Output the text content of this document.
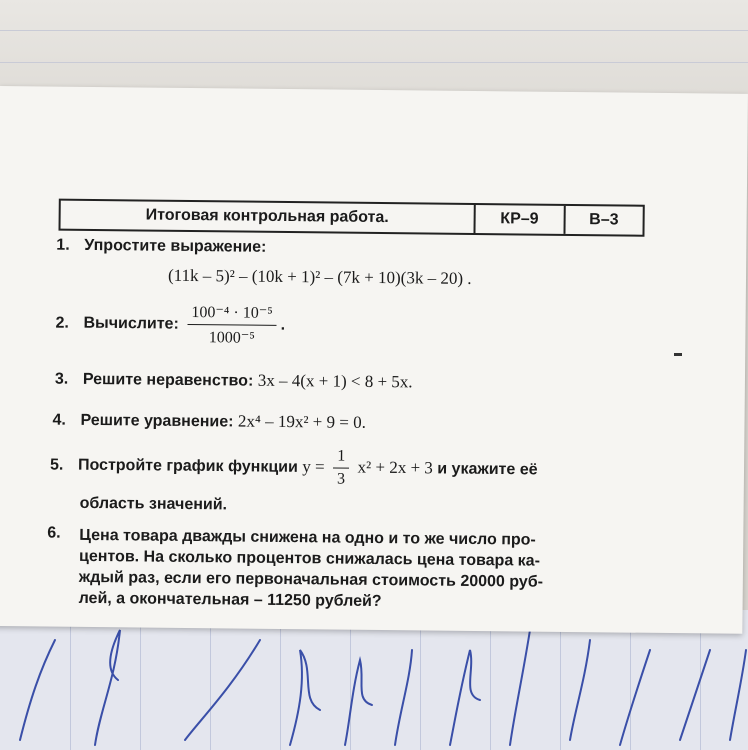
Итоговая контрольная работа.	КР–9	В–3
1. Упростите выражение:
(11k – 5)² – (10k + 1)² – (7k + 10)(3k – 20) .
2. Вычислите: $\frac{\text{100⁻⁴ · 10⁻⁵}}{\text{1000⁻⁵}}$ .
3. Решите неравенство: 3x – 4(x + 1) < 8 + 5x.
4. Решите уравнение: 2x⁴ – 19x² + 9 = 0.
5. Постройте график функции $y = \frac{1}{3} x^2 + 2x + 3$ и укажите её
область значений.
6. Цена товара дважды снижена на одно и то же число про-
центов. На сколько процентов снижалась цена товара ка-
ждый раз, если его первоначальная стоимость 20000 руб-
лей, а окончательная – 11250 рублей?
